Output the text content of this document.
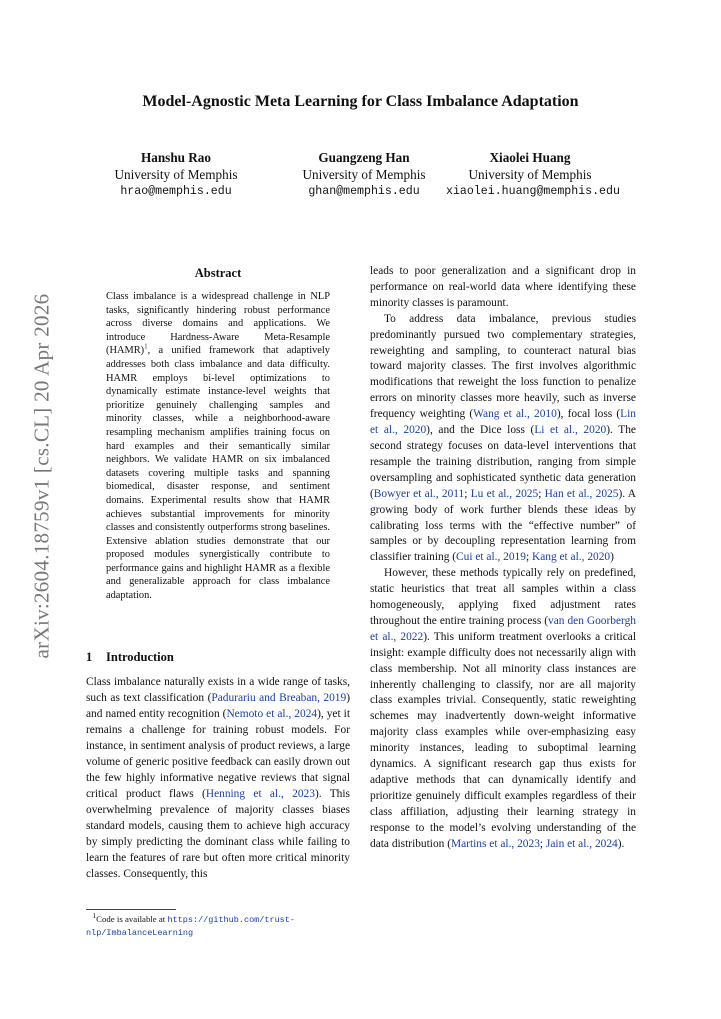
Model-Agnostic Meta Learning for Class Imbalance Adaptation
Hanshu Rao
University of Memphis
hrao@memphis.edu
Guangzeng Han
University of Memphis
ghan@memphis.edu
Xiaolei Huang
University of Memphis
xiaolei.huang@memphis.edu
arXiv:2604.18759v1 [cs.CL] 20 Apr 2026
Abstract

Class imbalance is a widespread challenge in NLP tasks, significantly hindering robust performance across diverse domains and applications. We introduce Hardness-Aware Meta-Resample (HAMR)$^1$, a unified framework that adaptively addresses both class imbalance and data difficulty. HAMR employs bi-level optimizations to dynamically estimate instance-level weights that prioritize genuinely challenging samples and minority classes, while a neighborhood-aware resampling mechanism amplifies training focus on hard examples and their semantically similar neighbors. We validate HAMR on six imbalanced datasets covering multiple tasks and spanning biomedical, disaster response, and sentiment domains. Experimental results show that HAMR achieves substantial improvements for minority classes and consistently outperforms strong baselines. Extensive ablation studies demonstrate that our proposed modules synergistically contribute to performance gains and highlight HAMR as a flexible and generalizable approach for class imbalance adaptation.

1 Introduction

Class imbalance naturally exists in a wide range of tasks, such as text classification (Padurariu and Breaban, 2019) and named entity recognition (Nemoto et al., 2024), yet it remains a challenge for training robust models. For instance, in sentiment analysis of product reviews, a large volume of generic positive feedback can easily drown out the few highly informative negative reviews that signal critical product flaws (Henning et al., 2023). This overwhelming prevalence of majority classes biases standard models, causing them to achieve high accuracy by simply predicting the dominant class while failing to learn the features of rare but often more critical minority classes. Consequently, this

$^1$Code is available at https://github.com/trust-nlp/ImbalanceLearning

leads to poor generalization and a significant drop in performance on real-world data where identifying these minority classes is paramount.

To address data imbalance, previous studies predominantly pursued two complementary strategies, reweighting and sampling, to counteract natural bias toward majority classes. The first involves algorithmic modifications that reweight the loss function to penalize errors on minority classes more heavily, such as inverse frequency weighting (Wang et al., 2010), focal loss (Lin et al., 2020), and the Dice loss (Li et al., 2020). The second strategy focuses on data-level interventions that resample the training distribution, ranging from simple oversampling and sophisticated synthetic data generation (Bowyer et al., 2011; Lu et al., 2025; Han et al., 2025). A growing body of work further blends these ideas by calibrating loss terms with the “effective number” of samples or by decoupling representation learning from classifier training (Cui et al., 2019; Kang et al., 2020)

However, these methods typically rely on predefined, static heuristics that treat all samples within a class homogeneously, applying fixed adjustment rates throughout the entire training process (van den Goorbergh et al., 2022). This uniform treatment overlooks a critical insight: example difficulty does not necessarily align with class membership. Not all minority class instances are inherently challenging to classify, nor are all majority class examples trivial. Consequently, static reweighting schemes may inadvertently down-weight informative majority class examples while over-emphasizing easy minority instances, leading to suboptimal learning dynamics. A significant research gap thus exists for adaptive methods that can dynamically identify and prioritize genuinely difficult examples regardless of their class affiliation, adjusting their learning strategy in response to the model’s evolving understanding of the data distribution (Martins et al., 2023; Jain et al., 2024).
